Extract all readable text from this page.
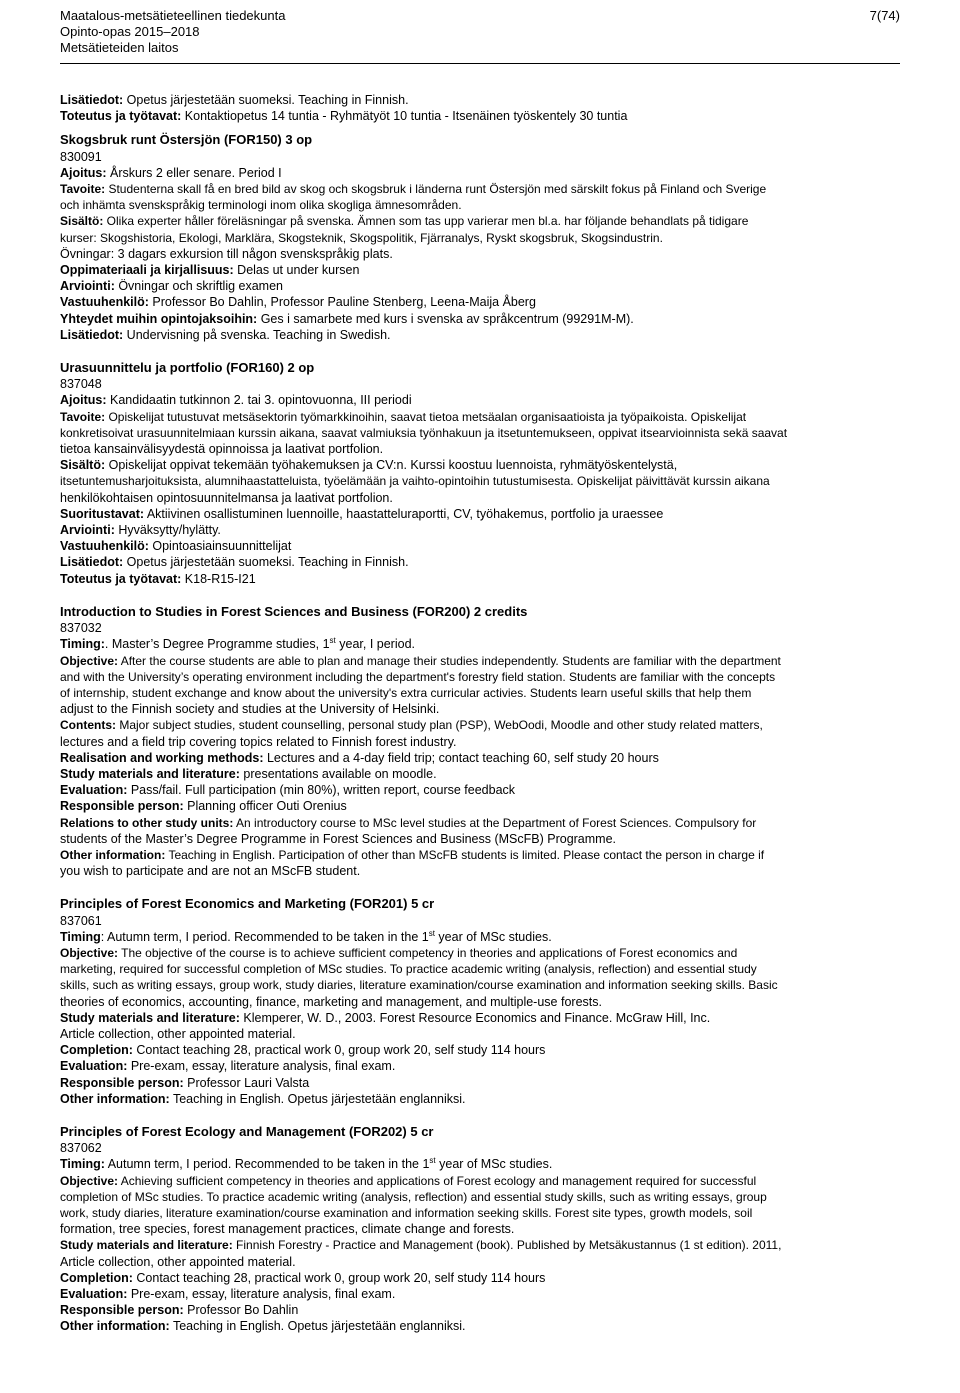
Maatalous-metsätieteellinen tiedekunta
Opinto-opas 2015–2018
Metsätieteiden laitos
7(74)
Lisätiedot: Opetus järjestetään suomeksi. Teaching in Finnish.
Toteutus ja työtavat: Kontaktiopetus 14 tuntia - Ryhmätyöt 10 tuntia - Itsenäinen työskentely 30 tuntia
Skogsbruk runt Östersjön (FOR150) 3 op
830091
Ajoitus: Årskurs 2 eller senare. Period I
Tavoite: Studenterna skall få en bred bild av skog och skogsbruk i länderna runt Östersjön med särskilt fokus på Finland och Sverige
och inhämta svenskspråkig terminologi inom olika skogliga ämnesområden.
Sisältö: Olika experter håller föreläsningar på svenska. Ämnen som tas upp varierar men bl.a. har följande behandlats på tidigare
kurser: Skogshistoria, Ekologi, Marklära, Skogsteknik, Skogspolitik, Fjärranalys, Ryskt skogsbruk, Skogsindustrin.
Övningar: 3 dagars exkursion till någon svenskspråkig plats.
Oppimateriaali ja kirjallisuus: Delas ut under kursen
Arviointi: Övningar och skriftlig examen
Vastuuhenkilö: Professor Bo Dahlin, Professor Pauline Stenberg, Leena-Maija Åberg
Yhteydet muihin opintojaksoihin: Ges i samarbete med kurs i svenska av språkcentrum (99291M-M).
Lisätiedot: Undervisning på svenska. Teaching in Swedish.
Urasuunnittelu ja portfolio (FOR160) 2 op
837048
Ajoitus: Kandidaatin tutkinnon 2. tai 3. opintovuonna, III periodi
Tavoite: Opiskelijat tutustuvat metsäsektorin työmarkkinoihin, saavat tietoa metsäalan organisaatioista ja työpaikoista. Opiskelijat
konkretisoivat urasuunnitelmiaan kurssin aikana, saavat valmiuksia työnhakuun ja itsetuntemukseen, oppivat itsearvioinnista sekä saavat
tietoa kansainvälisyydestä opinnoissa ja laativat portfolion.
Sisältö: Opiskelijat oppivat tekemään työhakemuksen ja CV:n. Kurssi koostuu luennoista, ryhmätyöskentelystä,
itsetuntemusharjoituksista, alumnihaastatteluista, työelämään ja vaihto-opintoihin tutustumisesta. Opiskelijat päivittävät kurssin aikana
henkilökohtaisen opintosuunnitelmansa ja laativat portfolion.
Suoritustavat: Aktiivinen osallistuminen luennoille, haastatteluraportti, CV, työhakemus, portfolio ja uraessee
Arviointi: Hyväksytty/hylätty.
Vastuuhenkilö: Opintoasiainsuunnittelijat
Lisätiedot: Opetus järjestetään suomeksi. Teaching in Finnish.
Toteutus ja työtavat: K18-R15-I21
Introduction to Studies in Forest Sciences and Business (FOR200) 2 credits
837032
Timing:. Master’s Degree Programme studies, 1st year, I period.
Objective: After the course students are able to plan and manage their studies independently. Students are familiar with the department
and with the University’s operating environment including the department's forestry field station. Students are familiar with the concepts
of internship, student exchange and know about the university's extra curricular activies. Students learn useful skills that help them
adjust to the Finnish society and studies at the University of Helsinki.
Contents: Major subject studies, student counselling, personal study plan (PSP), WebOodi, Moodle and other study related matters,
lectures and a field trip covering topics related to Finnish forest industry.
Realisation and working methods: Lectures and a 4-day field trip; contact teaching 60, self study 20 hours
Study materials and literature: presentations available on moodle.
Evaluation: Pass/fail. Full participation (min 80%), written report, course feedback
Responsible person: Planning officer Outi Orenius
Relations to other study units: An introductory course to MSc level studies at the Department of Forest Sciences. Compulsory for
students of the Master’s Degree Programme in Forest Sciences and Business (MScFB) Programme.
Other information: Teaching in English. Participation of other than MScFB students is limited. Please contact the person in charge if
you wish to participate and are not an MScFB student.
Principles of Forest Economics and Marketing (FOR201) 5 cr
837061
Timing: Autumn term, I period. Recommended to be taken in the 1st year of MSc studies.
Objective: The objective of the course is to achieve sufficient competency in theories and applications of Forest economics and
marketing, required for successful completion of MSc studies. To practice academic writing (analysis, reflection) and essential study
skills, such as writing essays, group work, study diaries, literature examination/course examination and information seeking skills. Basic
theories of economics, accounting, finance, marketing and management, and multiple-use forests.
Study materials and literature: Klemperer, W. D., 2003. Forest Resource Economics and Finance. McGraw Hill, Inc.
Article collection, other appointed material.
Completion: Contact teaching 28, practical work 0, group work 20, self study 114 hours
Evaluation: Pre-exam, essay, literature analysis, final exam.
Responsible person: Professor Lauri Valsta
Other information: Teaching in English. Opetus järjestetään englanniksi.
Principles of Forest Ecology and Management (FOR202) 5 cr
837062
Timing: Autumn term, I period. Recommended to be taken in the 1st year of MSc studies.
Objective: Achieving sufficient competency in theories and applications of Forest ecology and management required for successful
completion of MSc studies. To practice academic writing (analysis, reflection) and essential study skills, such as writing essays, group
work, study diaries, literature examination/course examination and information seeking skills. Forest site types, growth models, soil
formation, tree species, forest management practices, climate change and forests.
Study materials and literature: Finnish Forestry - Practice and Management (book). Published by Metsäkustannus (1 st edition). 2011,
Article collection, other appointed material.
Completion: Contact teaching 28, practical work 0, group work 20, self study 114 hours
Evaluation: Pre-exam, essay, literature analysis, final exam.
Responsible person: Professor Bo Dahlin
Other information: Teaching in English. Opetus järjestetään englanniksi.
